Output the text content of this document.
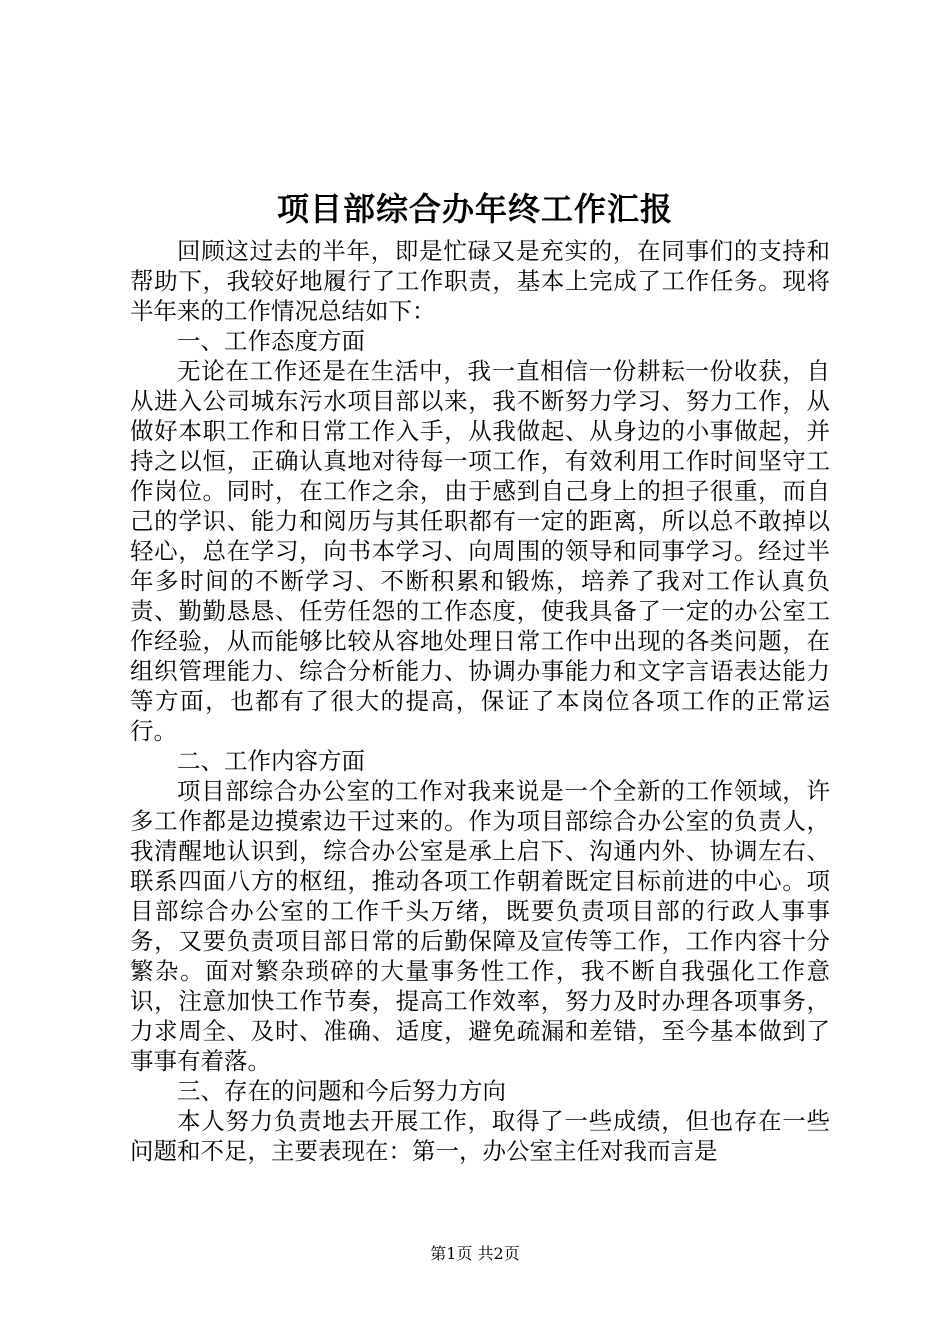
项目部综合办年终工作汇报

回顾这过去的半年，即是忙碌又是充实的，在同事们的支持和帮助下，我较好地履行了工作职责，基本上完成了工作任务。现将半年来的工作情况总结如下：

一、工作态度方面

无论在工作还是在生活中，我一直相信一份耕耘一份收获，自从进入公司城东污水项目部以来，我不断努力学习、努力工作，从做好本职工作和日常工作入手，从我做起、从身边的小事做起，并持之以恒，正确认真地对待每一项工作，有效利用工作时间坚守工作岗位。同时，在工作之余，由于感到自己身上的担子很重，而自己的学识、能力和阅历与其任职都有一定的距离，所以总不敢掉以轻心，总在学习，向书本学习、向周围的领导和同事学习。经过半年多时间的不断学习、不断积累和锻炼，培养了我对工作认真负责、勤勤恳恳、任劳任怨的工作态度，使我具备了一定的办公室工作经验，从而能够比较从容地处理日常工作中出现的各类问题，在组织管理能力、综合分析能力、协调办事能力和文字言语表达能力等方面，也都有了很大的提高，保证了本岗位各项工作的正常运行。

二、工作内容方面

项目部综合办公室的工作对我来说是一个全新的工作领域，许多工作都是边摸索边干过来的。作为项目部综合办公室的负责人，我清醒地认识到，综合办公室是承上启下、沟通内外、协调左右、联系四面八方的枢纽，推动各项工作朝着既定目标前进的中心。项目部综合办公室的工作千头万绪，既要负责项目部的行政人事事务，又要负责项目部日常的后勤保障及宣传等工作，工作内容十分繁杂。面对繁杂琐碎的大量事务性工作，我不断自我强化工作意识，注意加快工作节奏，提高工作效率，努力及时办理各项事务，力求周全、及时、准确、适度，避免疏漏和差错，至今基本做到了事事有着落。

三、存在的问题和今后努力方向

本人努力负责地去开展工作，取得了一些成绩，但也存在一些问题和不足，主要表现在：第一，办公室主任对我而言是

第1页 共2页
